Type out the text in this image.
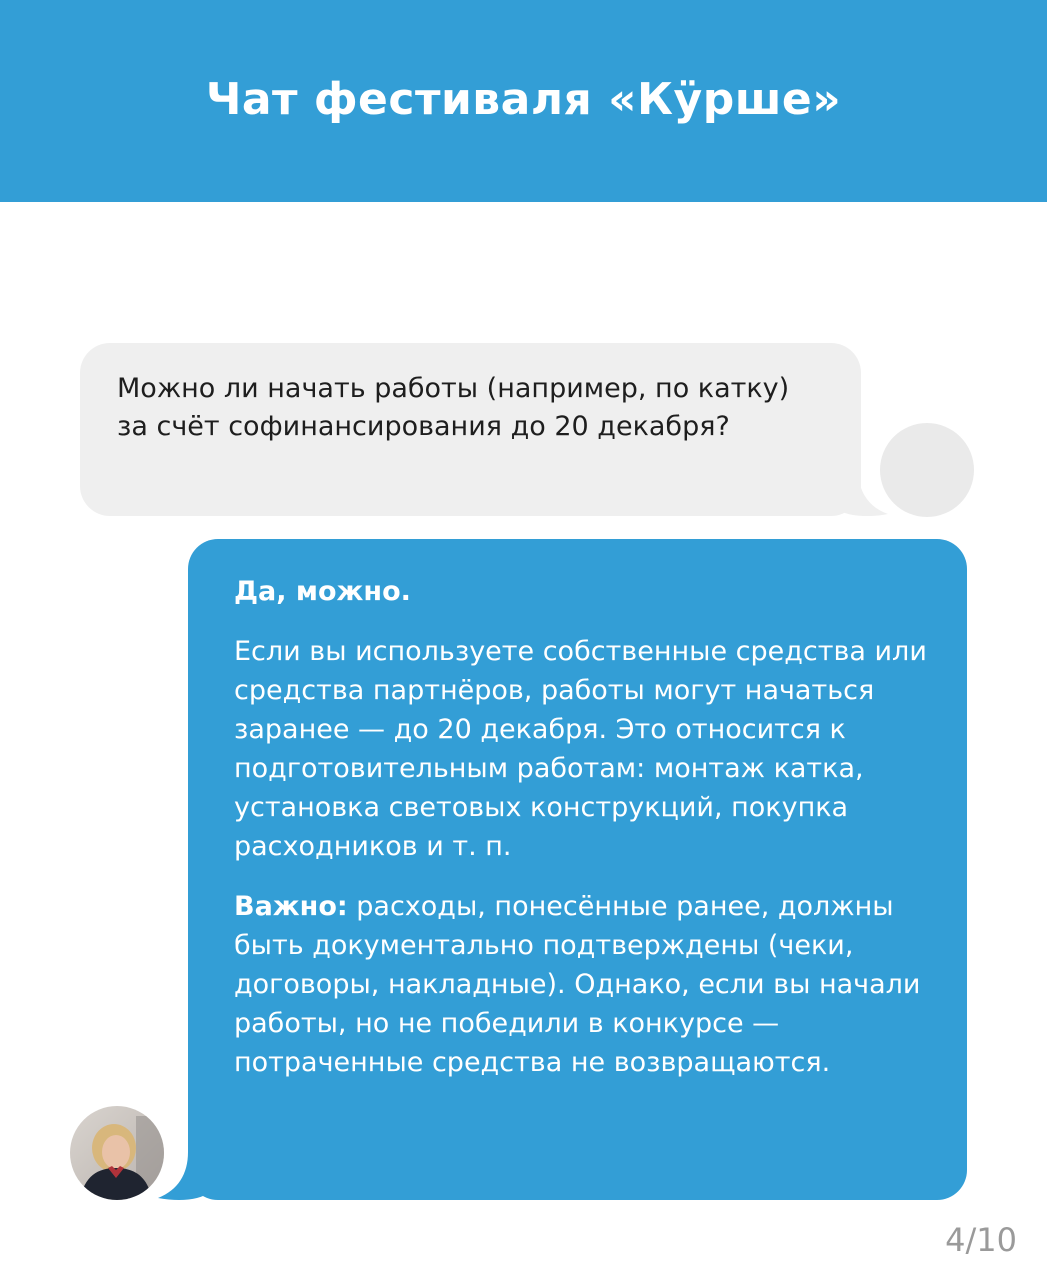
Чат фестиваля «Кӱрше»

Можно ли начать работы (например, по катку) за счёт софинансирования до 20 декабря?

Да, можно.

Если вы используете собственные средства или средства партнёров, работы могут начаться заранее — до 20 декабря. Это относится к подготовительным работам: монтаж катка, установка световых конструкций, покупка расходников и т. п.

Важно: расходы, понесённые ранее, должны быть документально подтверждены (чеки, договоры, накладные). Однако, если вы начали работы, но не победили в конкурсе — потраченные средства не возвращаются.

4/10
